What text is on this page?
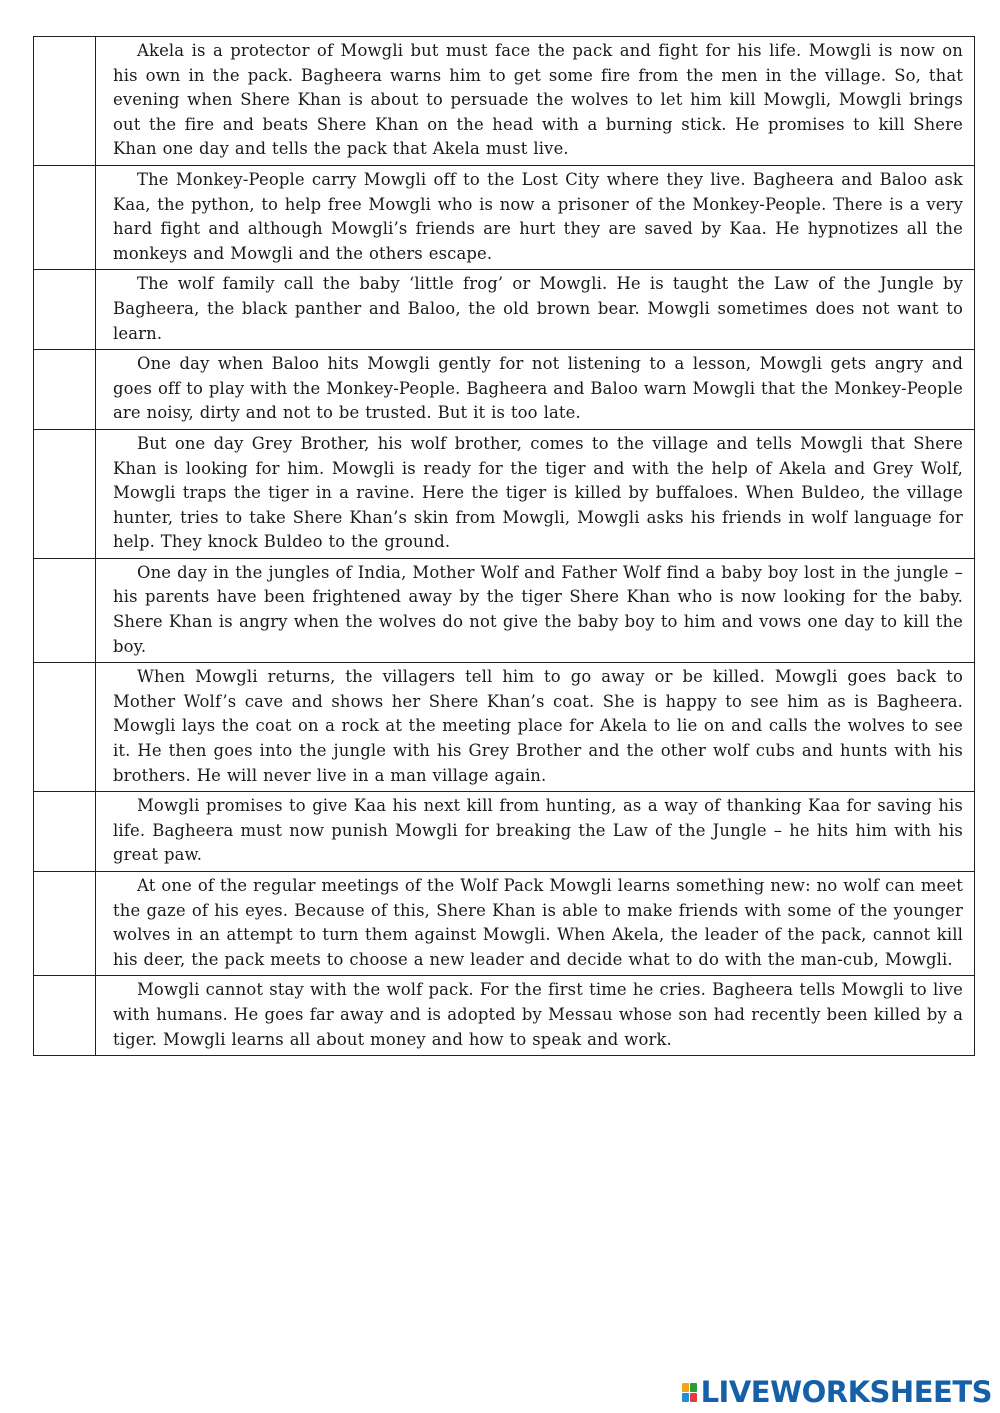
	Akela is a protector of Mowgli but must face the pack and fight for his life. Mowgli is now on his own in the pack. Bagheera warns him to get some fire from the men in the village. So, that evening when Shere Khan is about to persuade the wolves to let him kill Mowgli, Mowgli brings out the fire and beats Shere Khan on the head with a burning stick. He promises to kill Shere Khan one day and tells the pack that Akela must live.

	The Monkey-People carry Mowgli off to the Lost City where they live. Bagheera and Baloo ask Kaa, the python, to help free Mowgli who is now a prisoner of the Monkey-People. There is a very hard fight and although Mowgli’s friends are hurt they are saved by Kaa. He hypnotizes all the monkeys and Mowgli and the others escape.

	The wolf family call the baby ‘little frog’ or Mowgli. He is taught the Law of the Jungle by Bagheera, the black panther and Baloo, the old brown bear. Mowgli sometimes does not want to learn.

	One day when Baloo hits Mowgli gently for not listening to a lesson, Mowgli gets angry and goes off to play with the Monkey-People. Bagheera and Baloo warn Mowgli that the Monkey-People are noisy, dirty and not to be trusted. But it is too late.

	But one day Grey Brother, his wolf brother, comes to the village and tells Mowgli that Shere Khan is looking for him. Mowgli is ready for the tiger and with the help of Akela and Grey Wolf, Mowgli traps the tiger in a ravine. Here the tiger is killed by buffaloes. When Buldeo, the village hunter, tries to take Shere Khan’s skin from Mowgli, Mowgli asks his friends in wolf language for help. They knock Buldeo to the ground.

	One day in the jungles of India, Mother Wolf and Father Wolf find a baby boy lost in the jungle – his parents have been frightened away by the tiger Shere Khan who is now looking for the baby. Shere Khan is angry when the wolves do not give the baby boy to him and vows one day to kill the boy.

	When Mowgli returns, the villagers tell him to go away or be killed. Mowgli goes back to Mother Wolf’s cave and shows her Shere Khan’s coat. She is happy to see him as is Bagheera. Mowgli lays the coat on a rock at the meeting place for Akela to lie on and calls the wolves to see it. He then goes into the jungle with his Grey Brother and the other wolf cubs and hunts with his brothers. He will never live in a man village again.

	Mowgli promises to give Kaa his next kill from hunting, as a way of thanking Kaa for saving his life. Bagheera must now punish Mowgli for breaking the Law of the Jungle – he hits him with his great paw.

	At one of the regular meetings of the Wolf Pack Mowgli learns something new: no wolf can meet the gaze of his eyes. Because of this, Shere Khan is able to make friends with some of the younger wolves in an attempt to turn them against Mowgli. When Akela, the leader of the pack, cannot kill his deer, the pack meets to choose a new leader and decide what to do with the man-cub, Mowgli.

	Mowgli cannot stay with the wolf pack. For the first time he cries. Bagheera tells Mowgli to live with humans. He goes far away and is adopted by Messau whose son had recently been killed by a tiger. Mowgli learns all about money and how to speak and work.

LIVEWORKSHEETS
